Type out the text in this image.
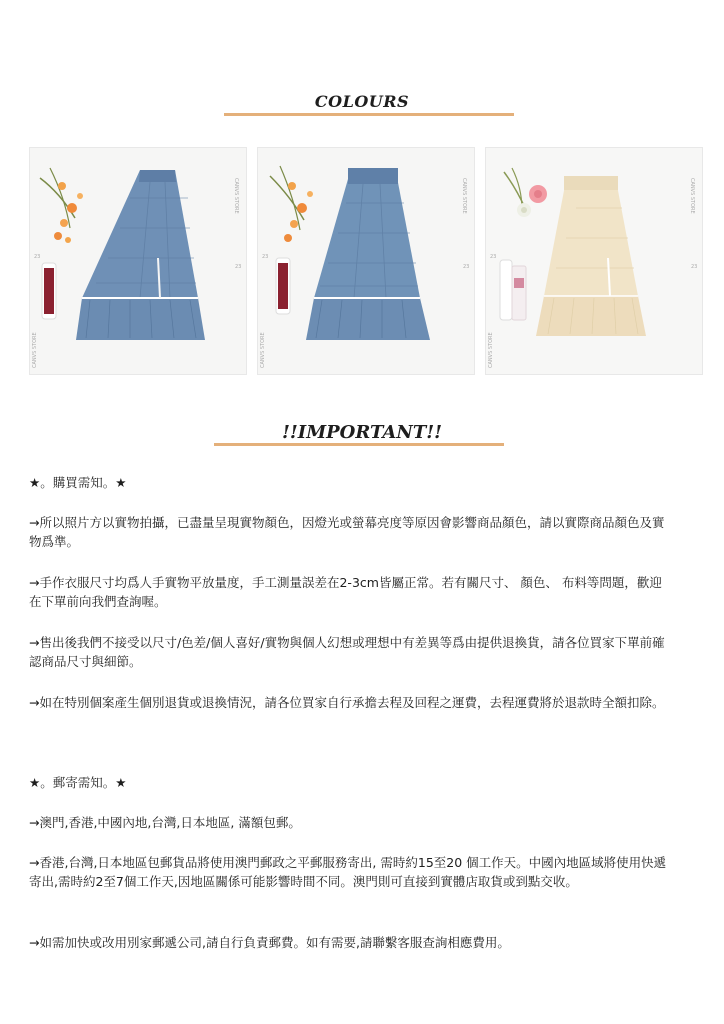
COLOURS
CANVS STORE
23
23
CANVS STORE
CANVS STORE
23
23
CANVS STORE
CANVS STORE
23
23
CANVS STORE
!!IMPORTANT!!
★。購買需知。★
→所以照片方以實物拍攝，已盡量呈現實物顏色，因燈光或螢幕亮度等原因會影響商品顏色，請以實際商品顏色及實物爲準。
→手作衣服尺寸均爲人手實物平放量度，手工測量誤差在2-3cm皆屬正常。若有關尺寸、 顏色、 布料等問題，歡迎在下單前向我們查詢喔。
→售出後我們不接受以尺寸/色差/個人喜好/實物與個人幻想或理想中有差異等爲由提供退換貨，請各位買家下單前確認商品尺寸與細節。
→如在特別個案產生個別退貨或退換情況，請各位買家自行承擔去程及回程之運費，去程運費將於退款時全額扣除。
★。郵寄需知。★
→澳門,香港,中國內地,台灣,日本地區, 滿額包郵。
→香港,台灣,日本地區包郵貨品將使用澳門郵政之平郵服務寄出, 需時約15至20 個工作天。中國內地區域將使用快遞寄出,需時約2至7個工作天,因地區關係可能影響時間不同。澳門則可直接到實體店取貨或到點交收。
→如需加快或改用別家郵遞公司,請自行負責郵費。如有需要,請聯繫客服查詢相應費用。
